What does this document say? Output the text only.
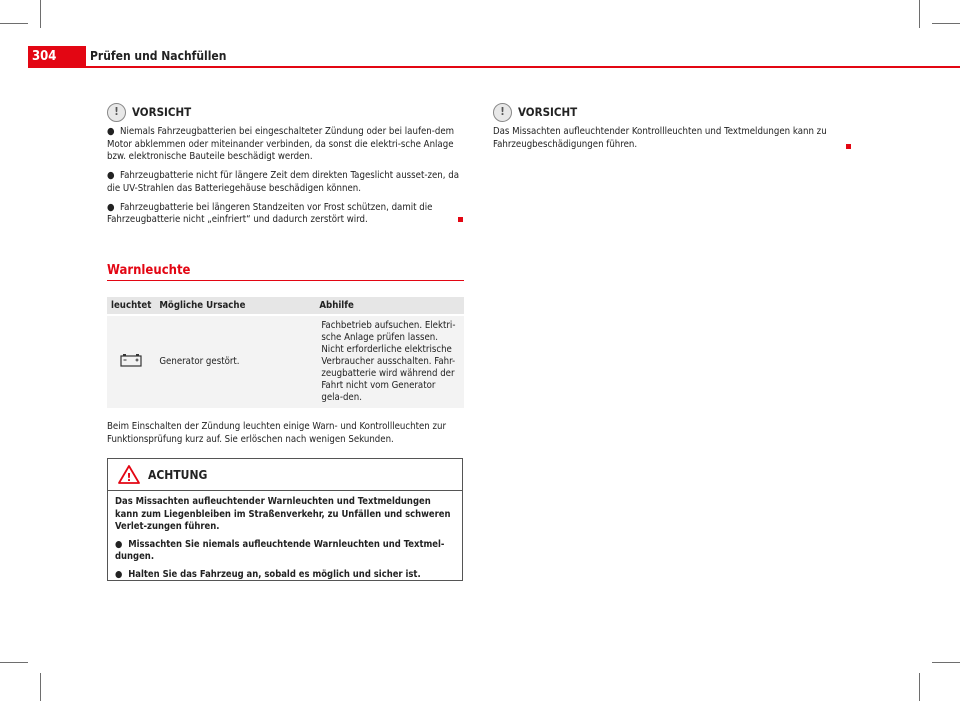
304	Prüfen und Nachfüllen
!	VORSICHT

●  Niemals Fahrzeugbatterien bei eingeschalteter Zündung oder bei laufen-dem Motor abklemmen oder miteinander verbinden, da sonst die elektri-sche Anlage bzw. elektronische Bauteile beschädigt werden.

●  Fahrzeugbatterie nicht für längere Zeit dem direkten Tageslicht ausset-zen, da die UV-Strahlen das Batteriegehäuse beschädigen können.

●  Fahrzeugbatterie bei längeren Standzeiten vor Frost schützen, damit die Fahrzeugbatterie nicht „einfriert“ und dadurch zerstört wird.

Warnleuchte
leuchtet	Mögliche Ursache	Abhilfe
	Generator gestört.	Fachbetrieb aufsuchen. Elektri-sche Anlage prüfen lassen. Nicht erforderliche elektrische Verbraucher ausschalten. Fahr-zeugbatterie wird während der Fahrt nicht vom Generator gela-den.

Beim Einschalten der Zündung leuchten einige Warn- und Kontrollleuchten zur Funktionsprüfung kurz auf. Sie erlöschen nach wenigen Sekunden.

! ACHTUNG

Das Missachten aufleuchtender Warnleuchten und Textmeldungen kann zum Liegenbleiben im Straßenverkehr, zu Unfällen und schweren Verlet-zungen führen.

●  Missachten Sie niemals aufleuchtende Warnleuchten und Textmel-dungen.

●  Halten Sie das Fahrzeug an, sobald es möglich und sicher ist.

!	VORSICHT

Das Missachten aufleuchtender Kontrollleuchten und Textmeldungen kann zu Fahrzeugbeschädigungen führen.
